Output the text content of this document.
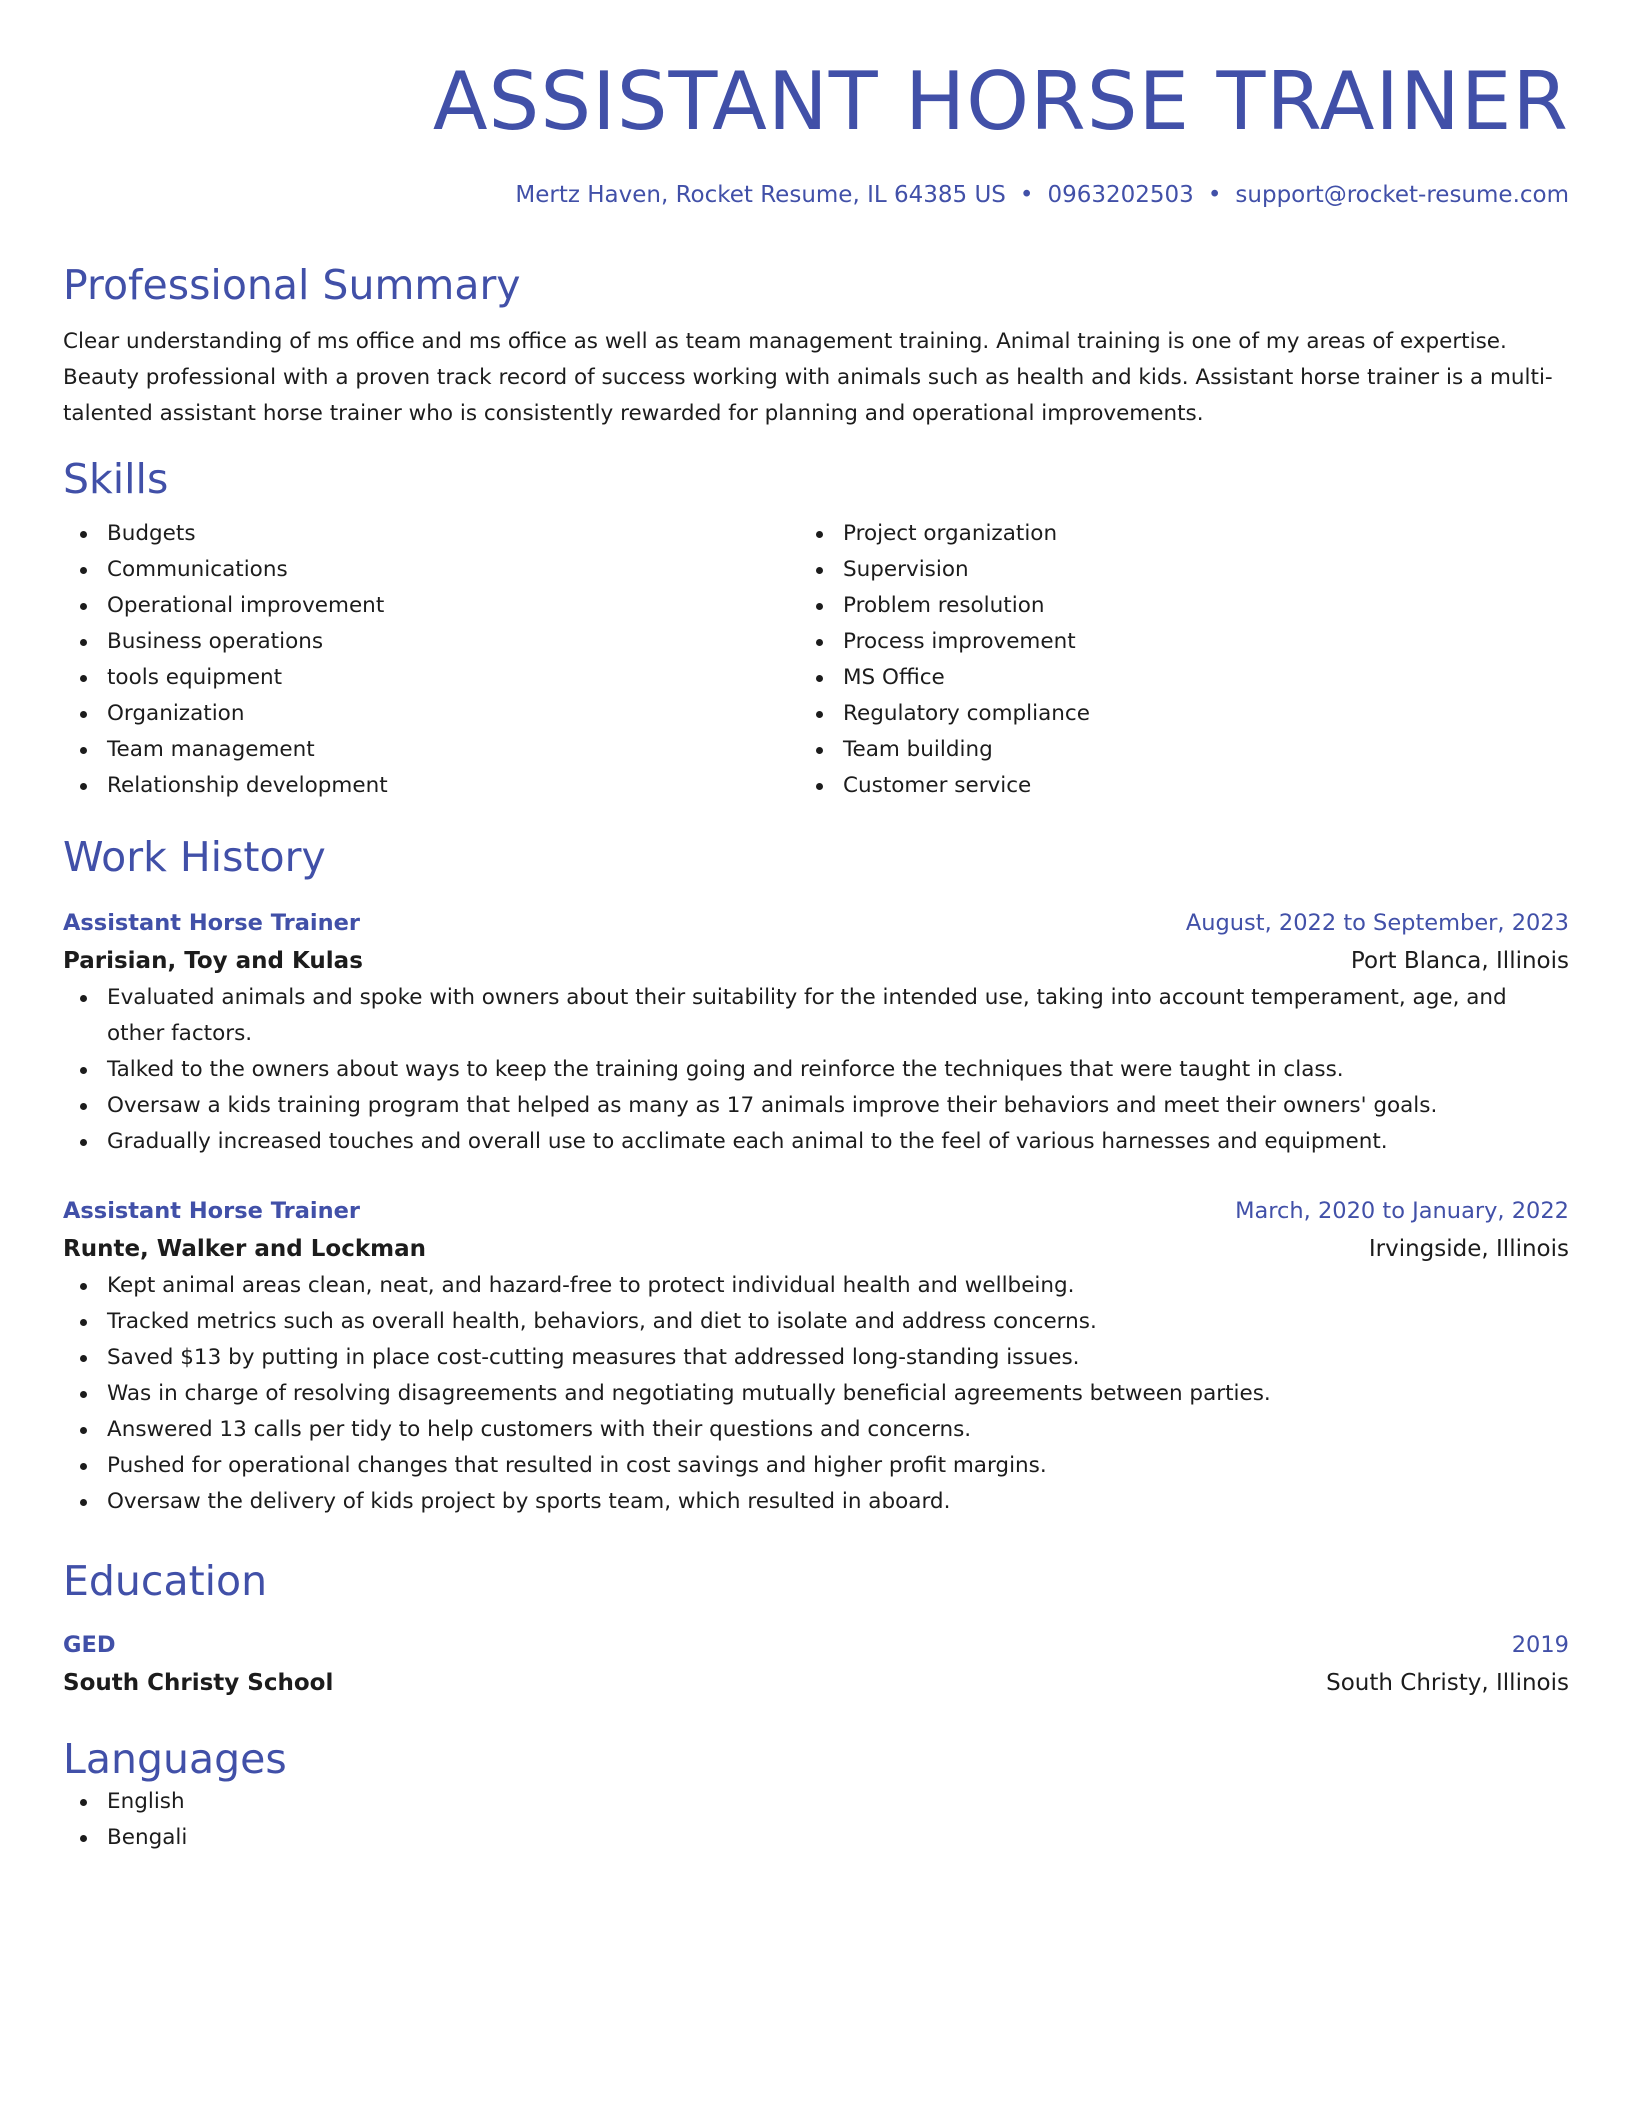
ASSISTANT HORSE TRAINER
Mertz Haven, Rocket Resume, IL 64385 US • 0963202503 • support@rocket-resume.com
Professional Summary
Clear understanding of ms office and ms office as well as team management training. Animal training is one of my areas of expertise. Beauty professional with a proven track record of success working with animals such as health and kids. Assistant horse trainer is a multi-talented assistant horse trainer who is consistently rewarded for planning and operational improvements.
Skills
Budgets
Communications
Operational improvement
Business operations
tools equipment
Organization
Team management
Relationship development
Project organization
Supervision
Problem resolution
Process improvement
MS Office
Regulatory compliance
Team building
Customer service
Work History
Assistant Horse Trainer	August, 2022 to September, 2023
Parisian, Toy and Kulas	Port Blanca, Illinois
Evaluated animals and spoke with owners about their suitability for the intended use, taking into account temperament, age, and other factors.
Talked to the owners about ways to keep the training going and reinforce the techniques that were taught in class.
Oversaw a kids training program that helped as many as 17 animals improve their behaviors and meet their owners' goals.
Gradually increased touches and overall use to acclimate each animal to the feel of various harnesses and equipment.
Assistant Horse Trainer	March, 2020 to January, 2022
Runte, Walker and Lockman	Irvingside, Illinois
Kept animal areas clean, neat, and hazard-free to protect individual health and wellbeing.
Tracked metrics such as overall health, behaviors, and diet to isolate and address concerns.
Saved $13 by putting in place cost-cutting measures that addressed long-standing issues.
Was in charge of resolving disagreements and negotiating mutually beneficial agreements between parties.
Answered 13 calls per tidy to help customers with their questions and concerns.
Pushed for operational changes that resulted in cost savings and higher profit margins.
Oversaw the delivery of kids project by sports team, which resulted in aboard.
Education
GED	2019
South Christy School	South Christy, Illinois
Languages
English
Bengali
